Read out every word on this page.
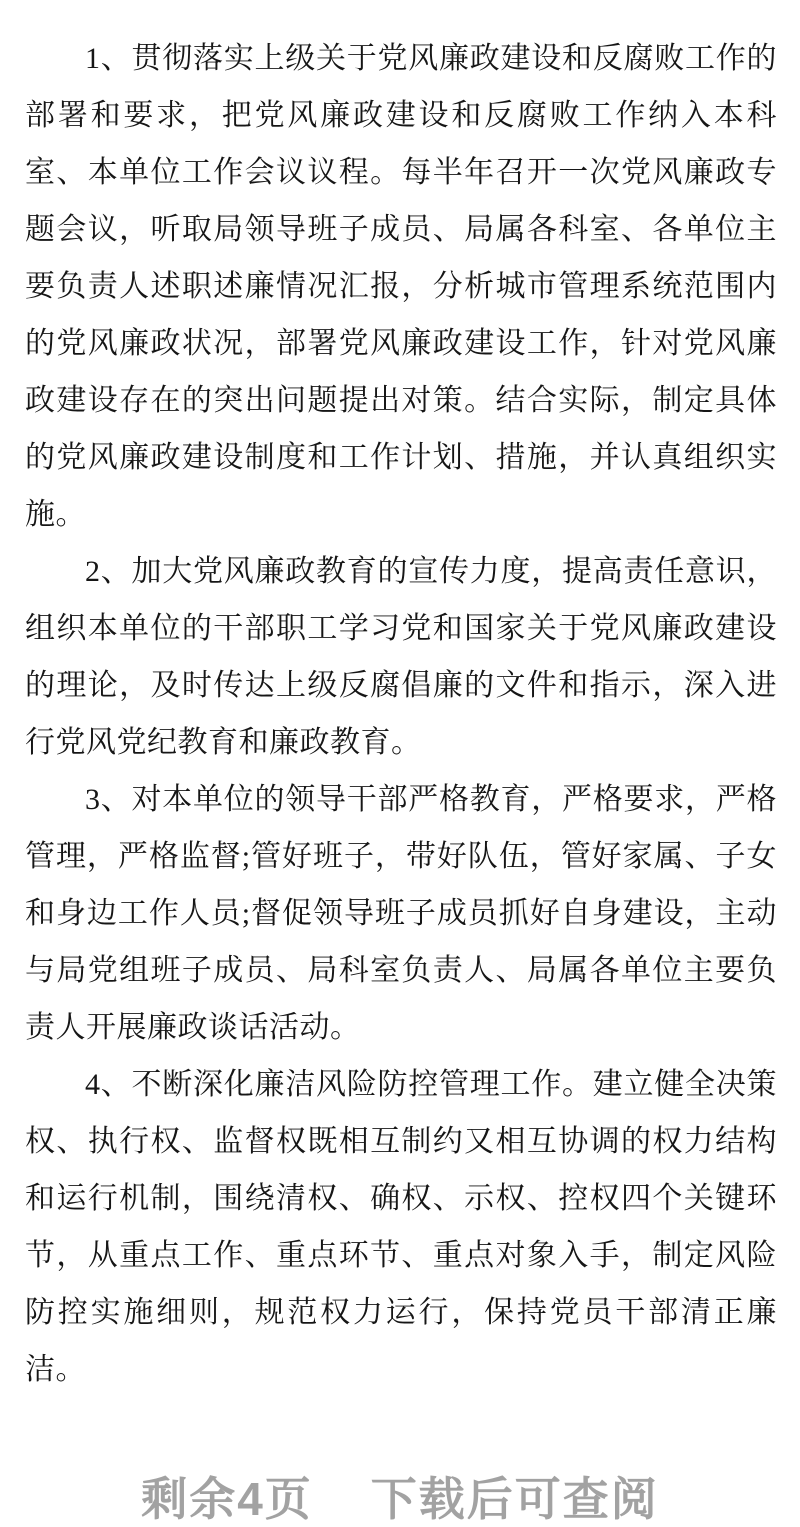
1、贯彻落实上级关于党风廉政建设和反腐败工作的部署和要求，把党风廉政建设和反腐败工作纳入本科室、本单位工作会议议程。每半年召开一次党风廉政专题会议，听取局领导班子成员、局属各科室、各单位主要负责人述职述廉情况汇报，分析城市管理系统范围内的党风廉政状况，部署党风廉政建设工作，针对党风廉政建设存在的突出问题提出对策。结合实际，制定具体的党风廉政建设制度和工作计划、措施，并认真组织实施。

2、加大党风廉政教育的宣传力度，提高责任意识，组织本单位的干部职工学习党和国家关于党风廉政建设的理论，及时传达上级反腐倡廉的文件和指示，深入进行党风党纪教育和廉政教育。

3、对本单位的领导干部严格教育，严格要求，严格管理，严格监督;管好班子，带好队伍，管好家属、子女和身边工作人员;督促领导班子成员抓好自身建设，主动与局党组班子成员、局科室负责人、局属各单位主要负责人开展廉政谈话活动。

4、不断深化廉洁风险防控管理工作。建立健全决策权、执行权、监督权既相互制约又相互协调的权力结构和运行机制，围绕清权、确权、示权、控权四个关键环节，从重点工作、重点环节、重点对象入手，制定风险防控实施细则，规范权力运行，保持党员干部清正廉洁。

剩余4页 下载后可查阅
